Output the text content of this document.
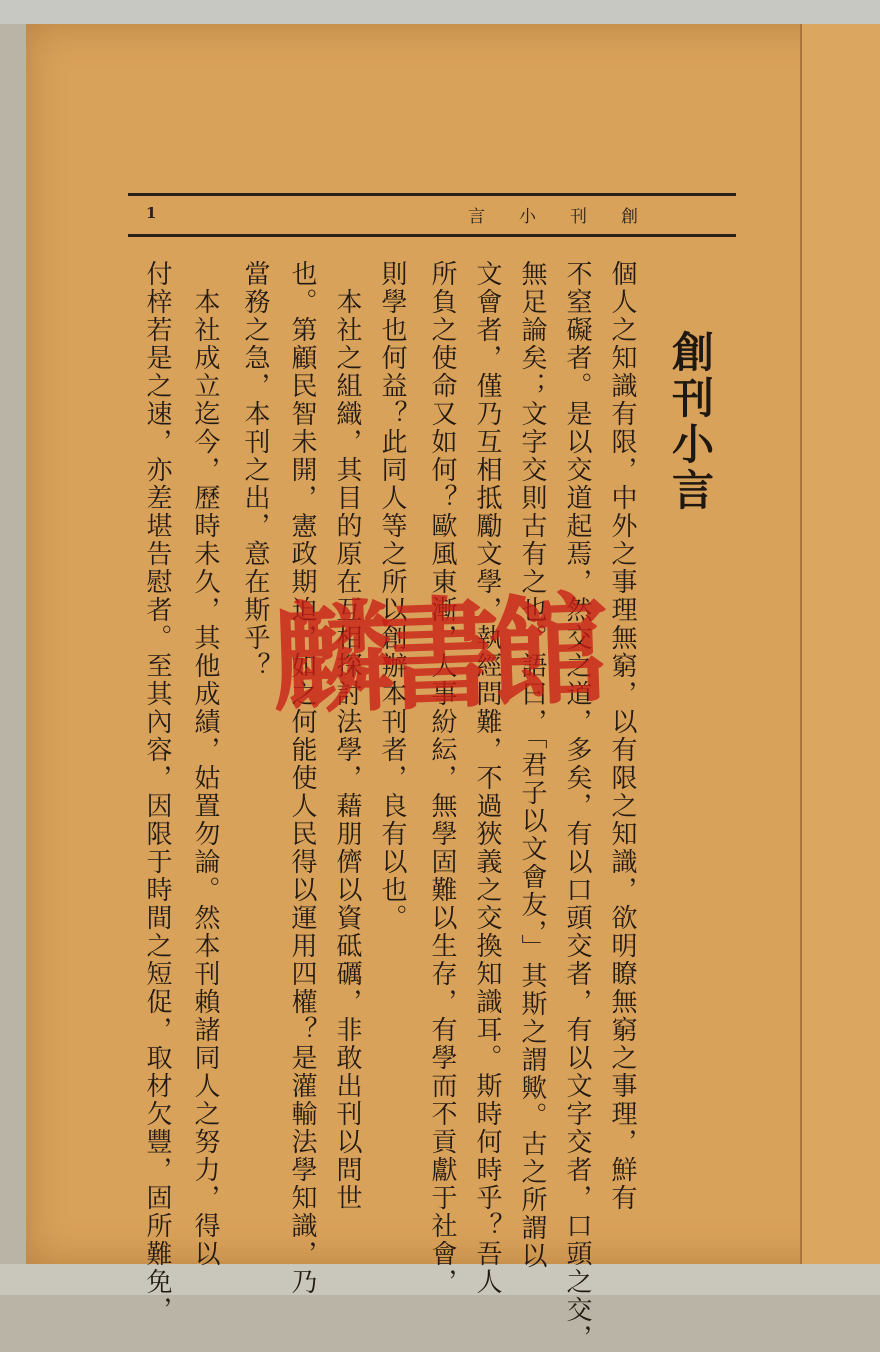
1	言 小 刊 創
創刊小言
個人之知識有限，中外之事理無窮，以有限之知識，欲明瞭無窮之事理，鮮有
不窒礙者。是以交道起焉，然交之道，多矣，有以口頭交者，有以文字交者，口頭之交，
無足論矣；文字交則古有之也。語曰，「君子以文會友，」其斯之謂歟。古之所謂以
文會者，僅乃互相抵勵文學，執經問難，不過狹義之交換知識耳。斯時何時乎？吾人
所負之使命又如何？歐風東漸，人事紛紜，無學固難以生存，有學而不貢獻于社會，
則學也何益？此同人等之所以創辦本刊者，良有以也。
　本社之組織，其目的原在互相探討法學，藉朋儕以資砥礪，非敢出刊以問世
也。第顧民智未開，憲政期迫，如之何能使人民得以運用四權？是灌輸法學知識，乃
當務之急，本刊之出，意在斯乎？
　本社成立迄今，歷時未久，其他成績，姑置勿論。然本刊賴諸同人之努力，得以
付梓若是之速，亦差堪告慰者。至其內容，因限于時間之短促，取材欠豐，固所難免， 麟書館
